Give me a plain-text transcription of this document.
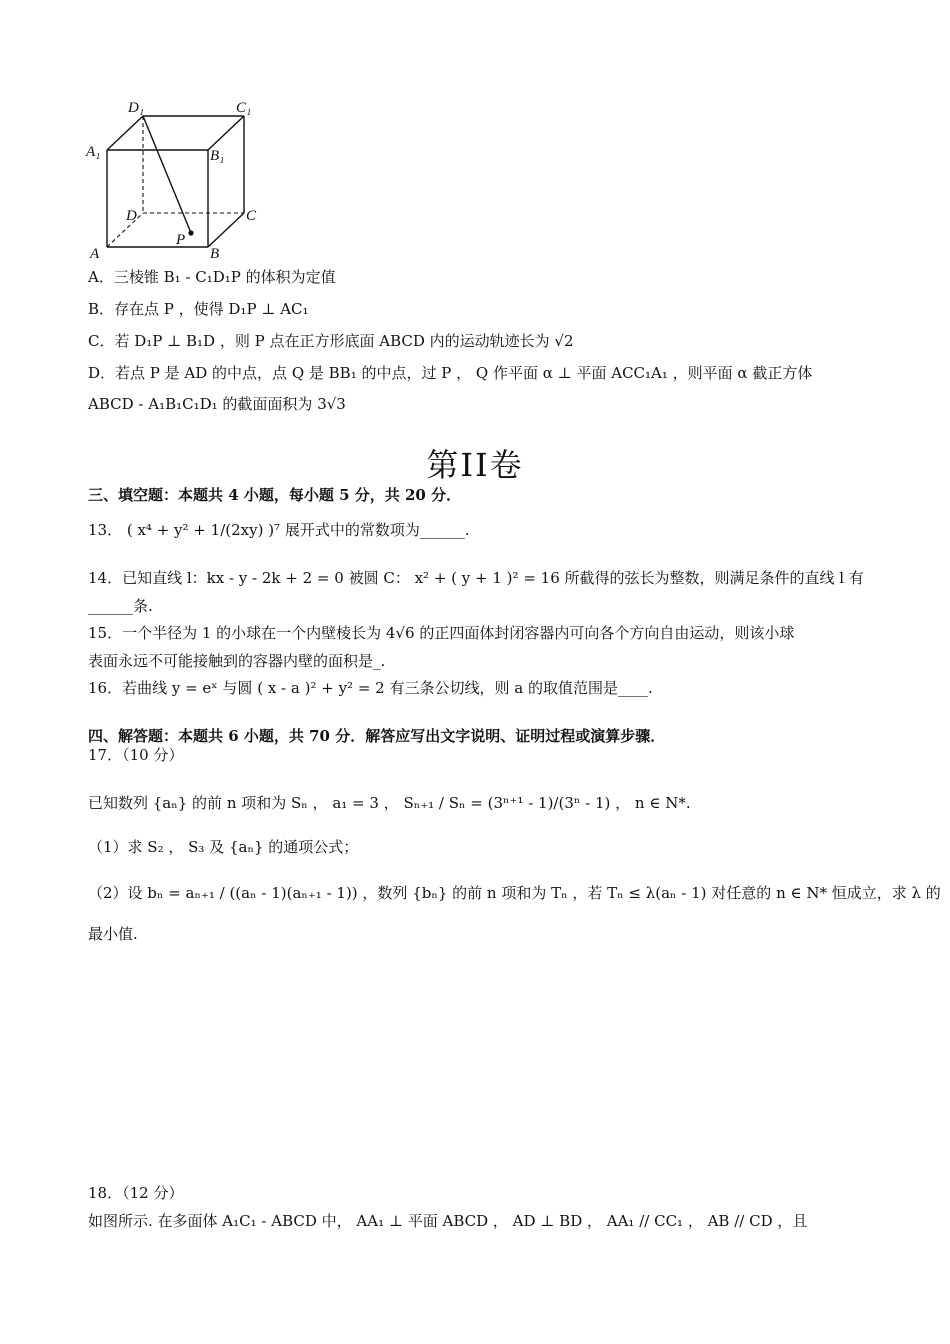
D₁	C₁
A₁	B₁
D	C
A	B
P
A．三棱锥 B₁ - C₁D₁P 的体积为定值
B．存在点 P ，使得 D₁P ⊥ AC₁
C．若 D₁P ⊥ B₁D ，则 P 点在正方形底面 ABCD 内的运动轨迹长为 √2
D．若点 P 是 AD 的中点，点 Q 是 BB₁ 的中点，过 P ， Q 作平面 α ⊥ 平面 ACC₁A₁ ，则平面 α 截正方体
ABCD - A₁B₁C₁D₁ 的截面面积为 3√3
第II卷
三、填空题：本题共 4 小题，每小题 5 分，共 20 分．
13． ( x⁴ + y² + 1/(2xy) )⁷ 展开式中的常数项为______.
14．已知直线 l：kx - y - 2k + 2 = 0 被圆 C： x² + ( y + 1 )² = 16 所截得的弦长为整数，则满足条件的直线 l 有
______条.
15．一个半径为 1 的小球在一个内壁棱长为 4√6 的正四面体封闭容器内可向各个方向自由运动，则该小球
表面永远不可能接触到的容器内壁的面积是_.
16．若曲线 y = eˣ 与圆 ( x - a )² + y² = 2 有三条公切线，则 a 的取值范围是____.
四、解答题：本题共 6 小题，共 70 分．解答应写出文字说明、证明过程或演算步骤．
17．（10 分）
已知数列 {aₙ} 的前 n 项和为 Sₙ ， a₁ = 3 ， Sₙ₊₁ / Sₙ = (3ⁿ⁺¹ - 1)/(3ⁿ - 1) ， n ∈ N*.
（1）求 S₂ ， S₃ 及 {aₙ} 的通项公式；
（2）设 bₙ = aₙ₊₁ / ((aₙ - 1)(aₙ₊₁ - 1)) ，数列 {bₙ} 的前 n 项和为 Tₙ ，若 Tₙ ≤ λ(aₙ - 1) 对任意的 n ∈ N* 恒成立，求 λ 的
最小值.
18．（12 分）
如图所示. 在多面体 A₁C₁ - ABCD 中， AA₁ ⊥ 平面 ABCD ， AD ⊥ BD ， AA₁ // CC₁ ， AB // CD ，且
